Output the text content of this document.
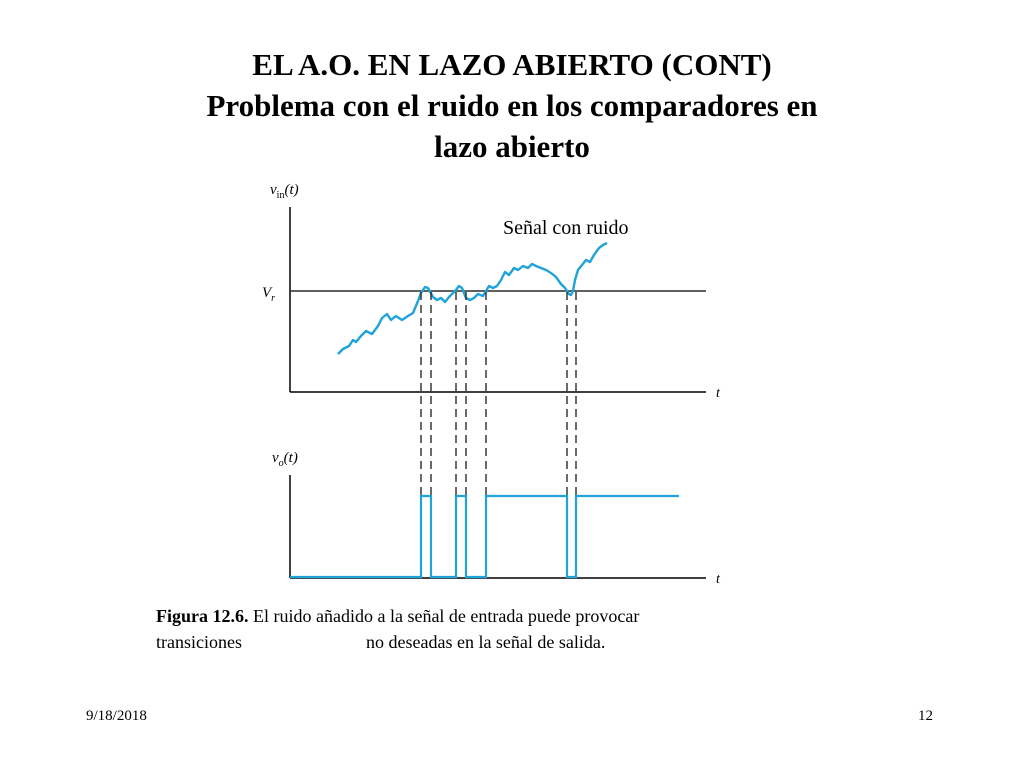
EL A.O. EN LAZO ABIERTO (CONT)
Problema con el ruido en los comparadores en
lazo abierto
$v_{in}(t)$
$V_r$
t
Señal con ruido
$v_o(t)$
t
Figura 12.6. El ruido añadido a la señal de entrada puede provocar
transiciones	no deseadas en la señal de salida.
9/18/2018	12
